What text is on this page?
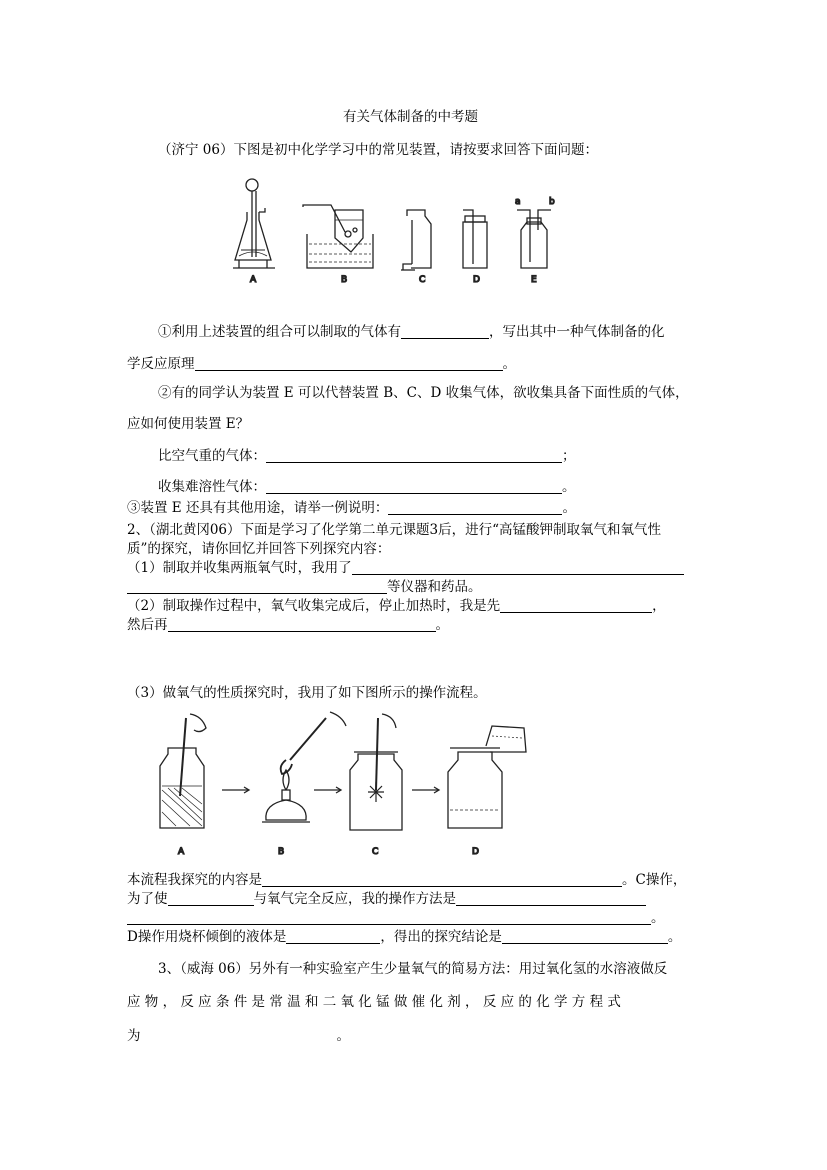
有关气体制备的中考题
（济宁 06）下图是初中化学学习中的常见装置，请按要求回答下面问题：
A	B	C	D
a	b
E
①利用上述装置的组合可以制取的气体有	，写出其中一种气体制备的化
学反应原理	。
②有的同学认为装置 E 可以代替装置 B、C、D 收集气体，欲收集具备下面性质的气体，
应如何使用装置 E？
比空气重的气体：	；
收集难溶性气体：	。
③装置 E 还具有其他用途，请举一例说明：	。
2、（湖北黄冈06）下面是学习了化学第二单元课题3后，进行“高锰酸钾制取氧气和氧气性
质”的探究，请你回忆并回答下列探究内容：
（1）制取并收集两瓶氧气时，我用了
等仪器和药品。
（2）制取操作过程中，氧气收集完成后，停止加热时，我是先	，
然后再	。
（3）做氧气的性质探究时，我用了如下图所示的操作流程。
A	B	C	D
本流程我探究的内容是	。C操作，
为了使	与氧气完全反应，我的操作方法是
。
D操作用烧杯倾倒的液体是	，得出的探究结论是	。
3、（威海 06）另外有一种实验室产生少量氧气的简易方法：用过氧化氢的水溶液做反
应 物 ， 反 应 条 件 是 常 温 和 二 氧 化 锰 做 催 化 剂 ， 反 应 的 化 学 方 程 式
为	。
